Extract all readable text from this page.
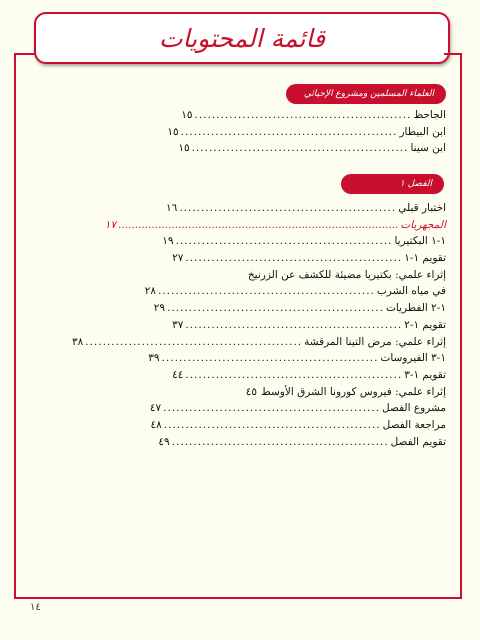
قائمة المحتويات
العلماء المسلمين ومشروع الإحيائي
الجاحظ
..................................................
١٥
ابن البيطار
..................................................
١٥
ابن سينا
..................................................
١٥
الفصل ١
اختبار قبلي
..................................................
١٦
المجهريات
....................................................................................
١٧
١-١ البكتيريا
..................................................
١٩
تقويم ١-١
..................................................
٢٧
إثراء علمي: بكتيريا مضيئة للكشف عن الزرنيخ
في مياه الشرب
..................................................
٢٨
١-٢ الفطريات
..................................................
٢٩
تقويم ١-٢
..................................................
٣٧
إثراء علمي: مرض التينا المرقشة
..................................................
٣٨
١-٣ الفيروسات
..................................................
٣٩
تقويم ١-٣
..................................................
٤٤
إثراء علمي: فيروس كورونا الشرق الأوسط
٤٥
مشروع الفصل
..................................................
٤٧
مراجعة الفصل
..................................................
٤٨
تقويم الفصل
..................................................
٤٩
١٤
